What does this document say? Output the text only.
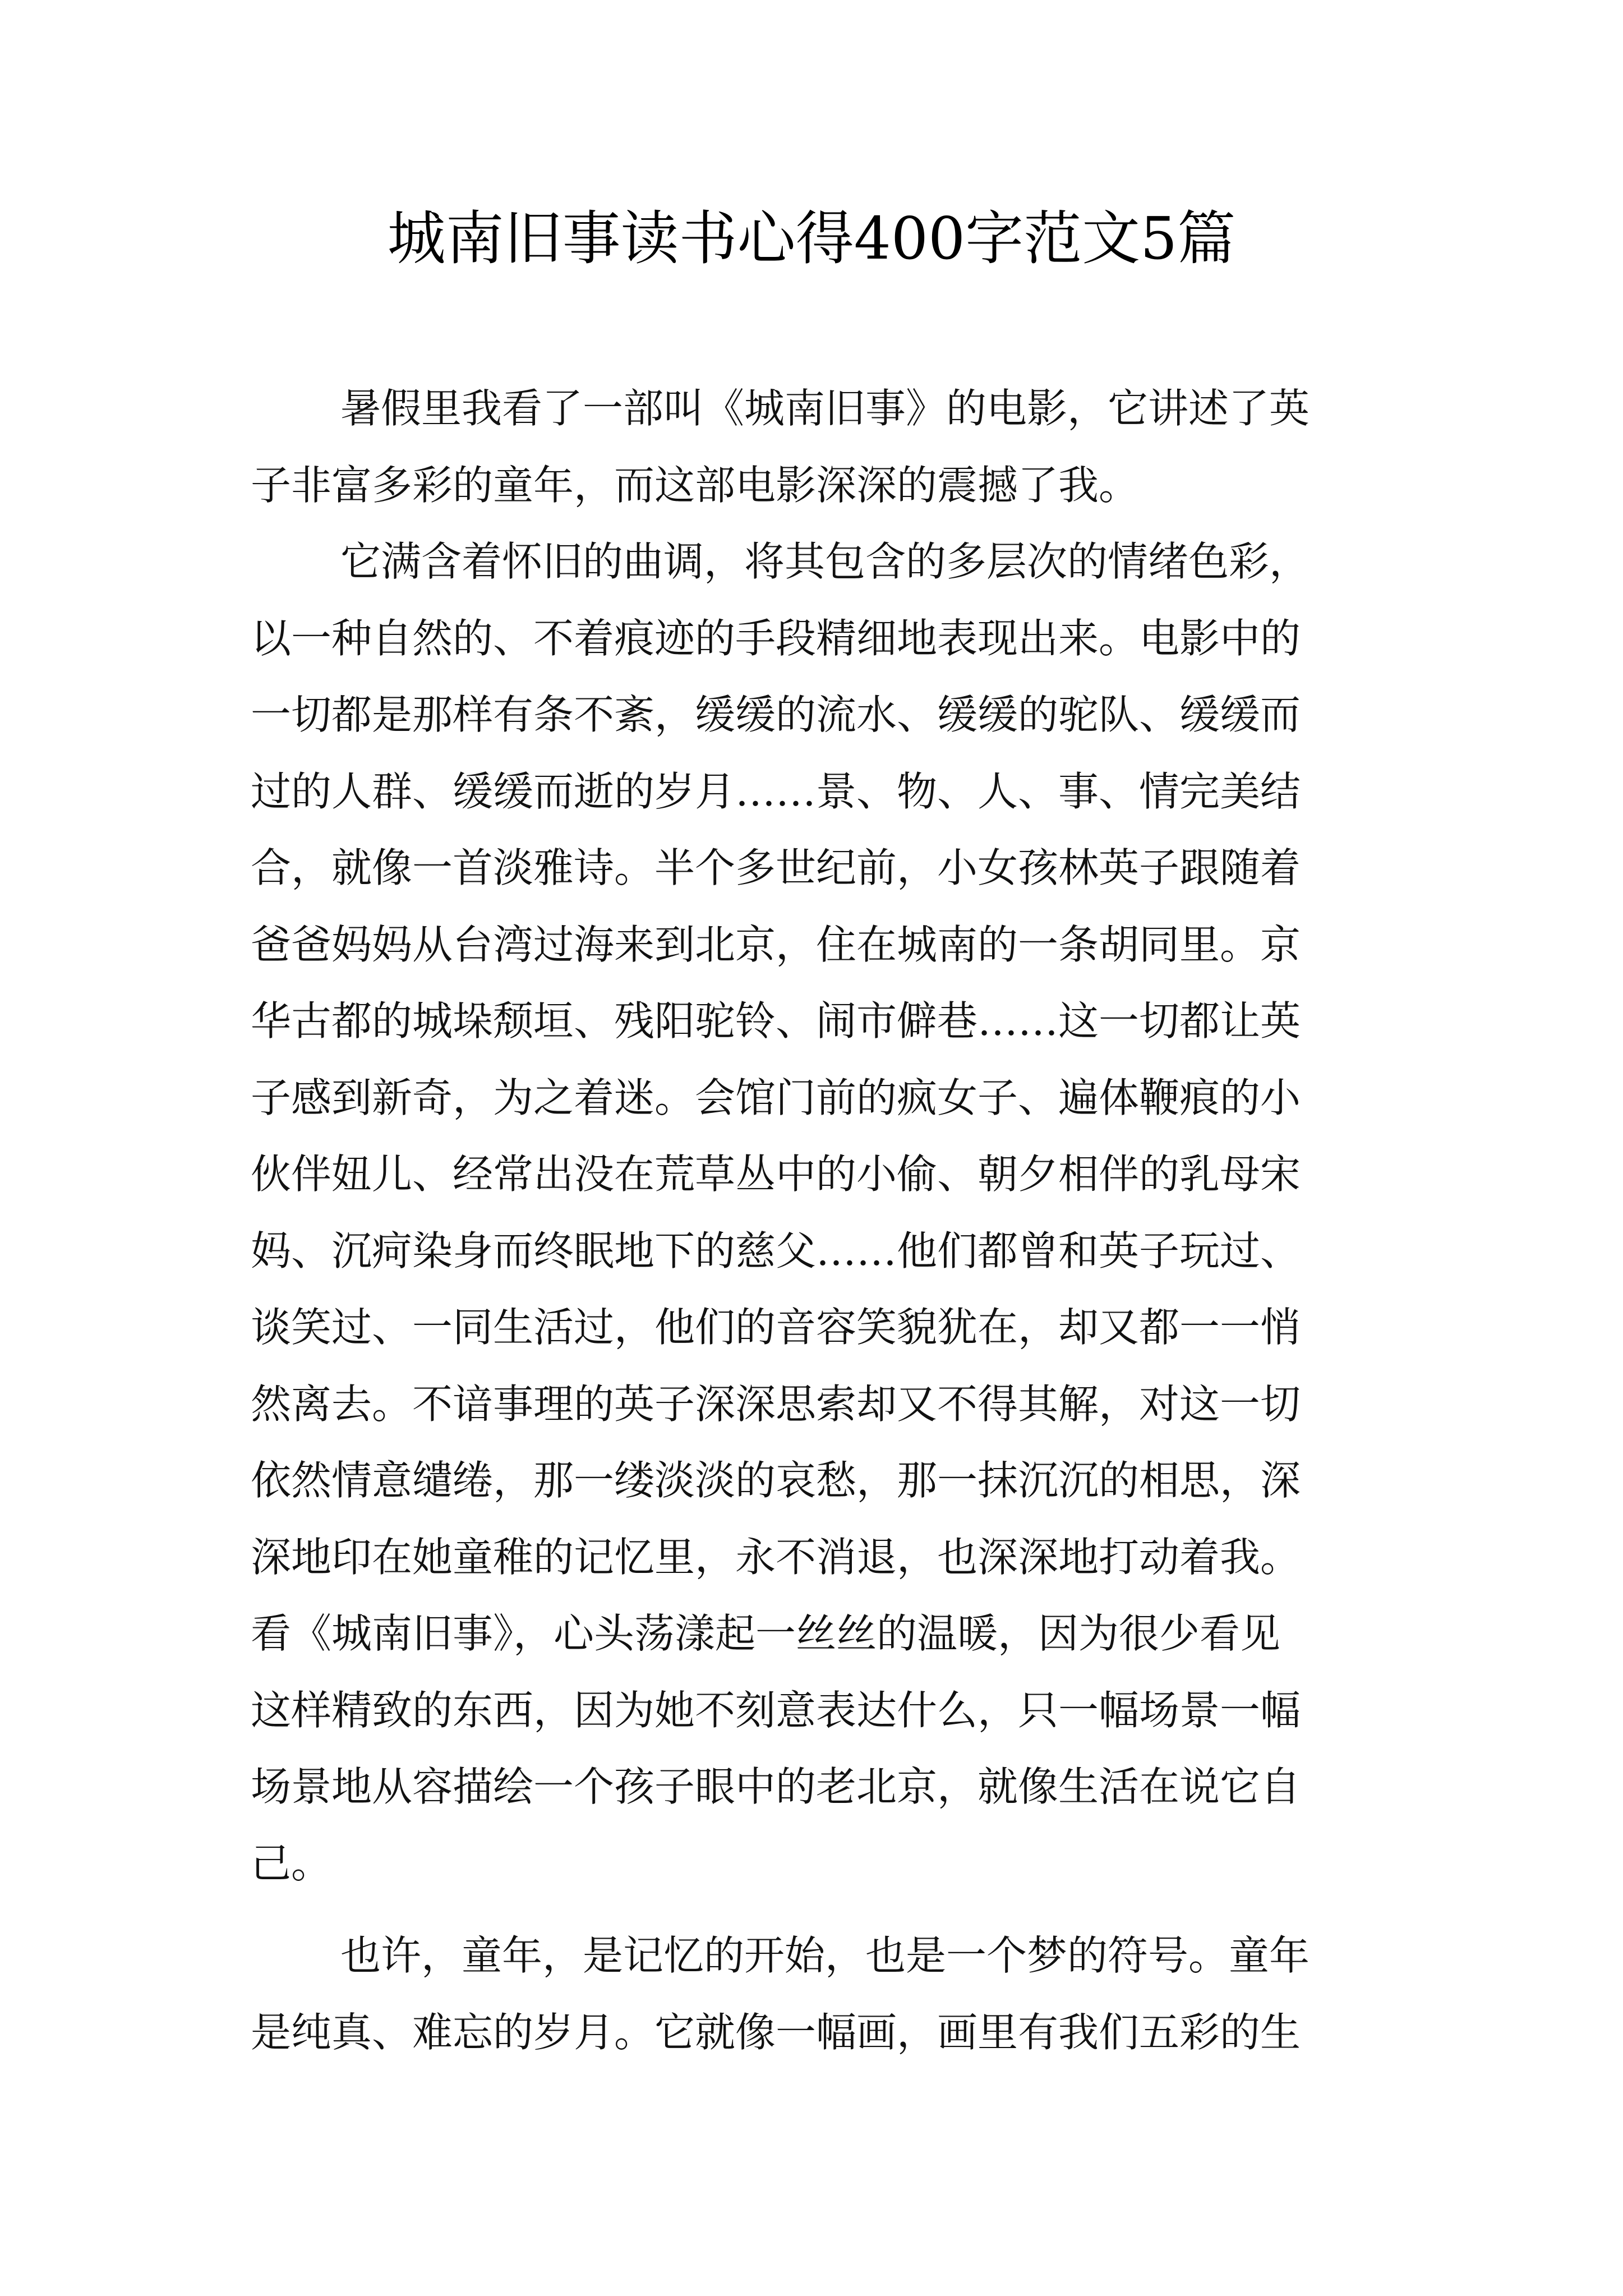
城南旧事读书心得400字范文5篇
暑假里我看了一部叫《城南旧事》的电影，它讲述了英
子非富多彩的童年，而这部电影深深的震撼了我。
它满含着怀旧的曲调，将其包含的多层次的情绪色彩，
以一种自然的、不着痕迹的手段精细地表现出来。电影中的
一切都是那样有条不紊，缓缓的流水、缓缓的驼队、缓缓而
过的人群、缓缓而逝的岁月……景、物、人、事、情完美结
合，就像一首淡雅诗。半个多世纪前，小女孩林英子跟随着
爸爸妈妈从台湾过海来到北京，住在城南的一条胡同里。京
华古都的城垛颓垣、残阳驼铃、闹市僻巷……这一切都让英
子感到新奇，为之着迷。会馆门前的疯女子、遍体鞭痕的小
伙伴妞儿、经常出没在荒草丛中的小偷、朝夕相伴的乳母宋
妈、沉疴染身而终眠地下的慈父……他们都曾和英子玩过、
谈笑过、一同生活过，他们的音容笑貌犹在，却又都一一悄
然离去。不谙事理的英子深深思索却又不得其解，对这一切
依然情意缱绻，那一缕淡淡的哀愁，那一抹沉沉的相思，深
深地印在她童稚的记忆里，永不消退，也深深地打动着我。
看《城南旧事》，心头荡漾起一丝丝的温暖，因为很少看见
这样精致的东西，因为她不刻意表达什么，只一幅场景一幅
场景地从容描绘一个孩子眼中的老北京，就像生活在说它自
己。
也许，童年，是记忆的开始，也是一个梦的符号。童年
是纯真、难忘的岁月。它就像一幅画，画里有我们五彩的生
